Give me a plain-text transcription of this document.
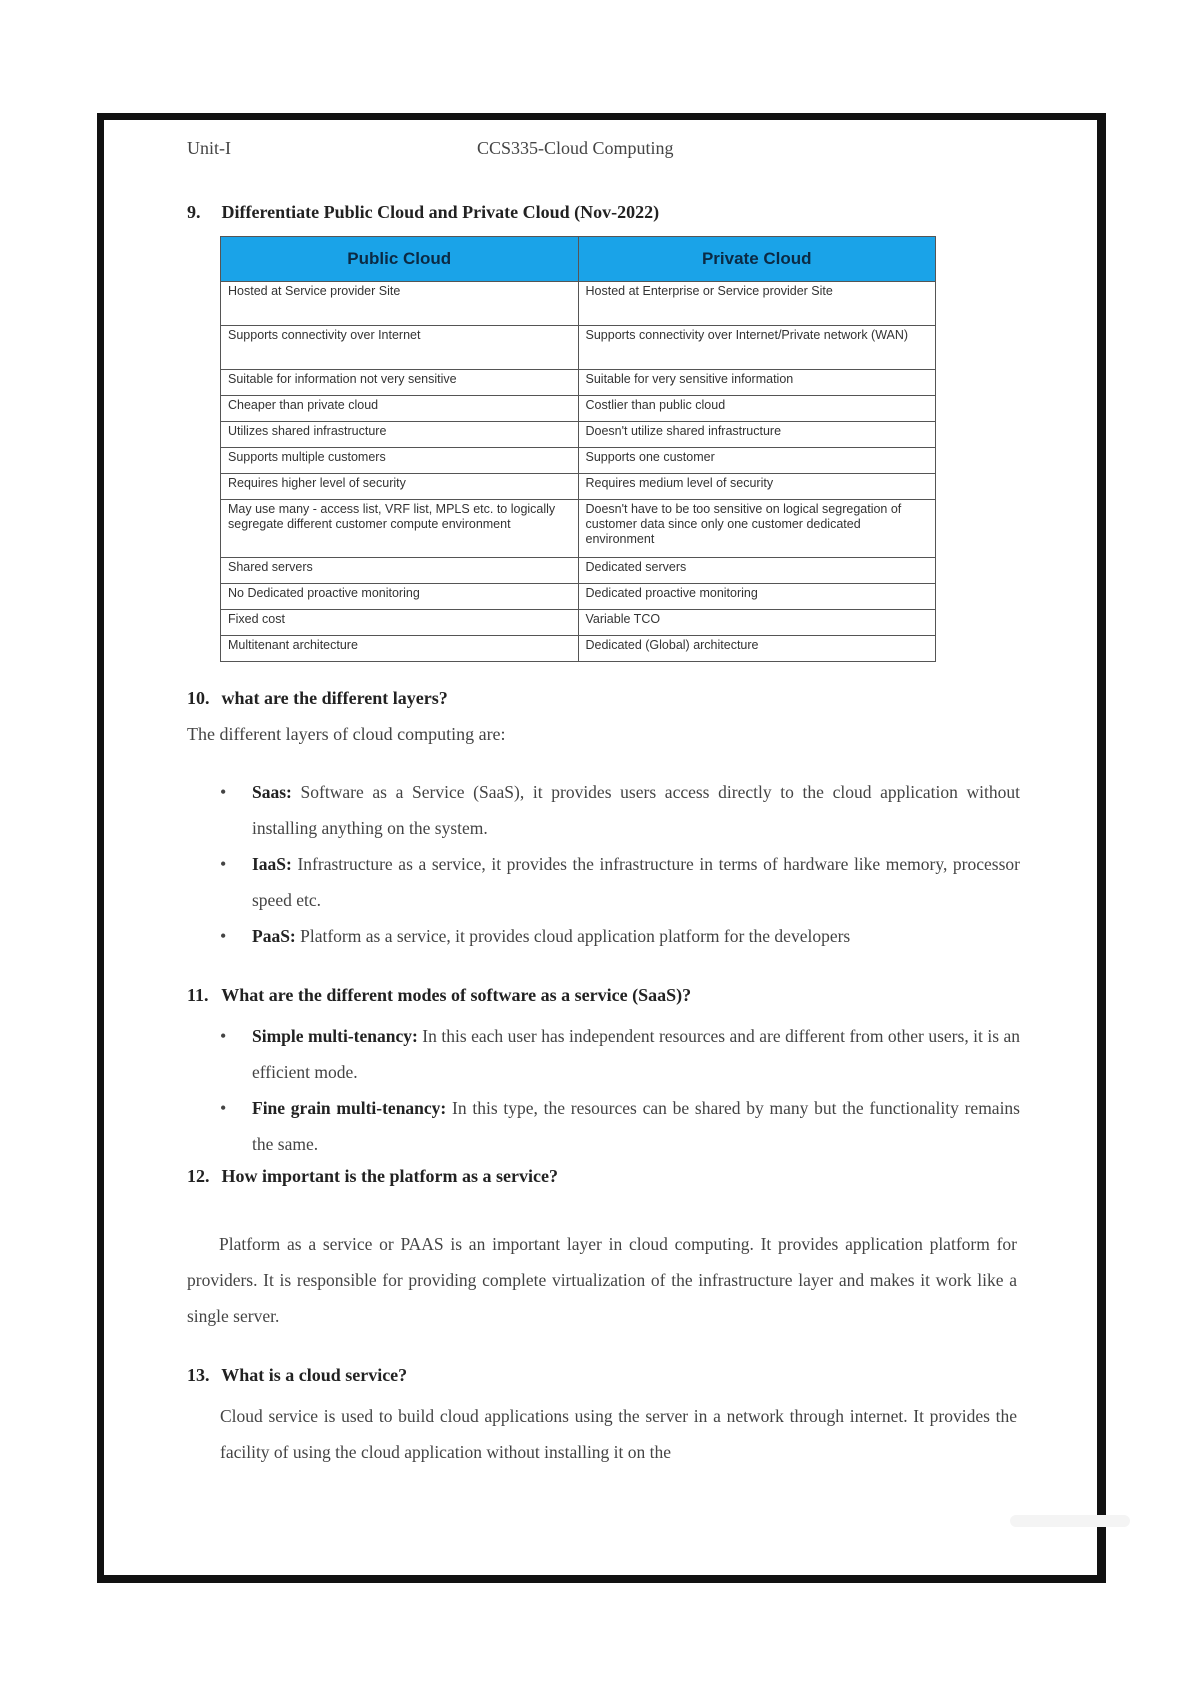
Unit-I	CCS335-Cloud Computing
9. Differentiate Public Cloud and Private Cloud (Nov-2022)
Public Cloud	Private Cloud
Hosted at Service provider Site	Hosted at Enterprise or Service provider Site
Supports connectivity over Internet	Supports connectivity over Internet/Private network (WAN)
Suitable for information not very sensitive	Suitable for very sensitive information
Cheaper than private cloud	Costlier than public cloud
Utilizes shared infrastructure	Doesn't utilize shared infrastructure
Supports multiple customers	Supports one customer
Requires higher level of security	Requires medium level of security
May use many - access list, VRF list, MPLS etc. to logically segregate different customer compute environment	Doesn't have to be too sensitive on logical segregation of customer data since only one customer dedicated environment
Shared servers	Dedicated servers
No Dedicated proactive monitoring	Dedicated proactive monitoring
Fixed cost	Variable TCO
Multitenant architecture	Dedicated (Global) architecture
10. what are the different layers?
The different layers of cloud computing are:
• Saas: Software as a Service (SaaS), it provides users access directly to the cloud application without installing anything on the system.
• IaaS: Infrastructure as a service, it provides the infrastructure in terms of hardware like memory, processor speed etc.
• PaaS: Platform as a service, it provides cloud application platform for the developers
11. What are the different modes of software as a service (SaaS)?
• Simple multi-tenancy: In this each user has independent resources and are different from other users, it is an efficient mode.
• Fine grain multi-tenancy: In this type, the resources can be shared by many but the functionality remains the same.
12. How important is the platform as a service?
Platform as a service or PAAS is an important layer in cloud computing. It provides application platform for providers. It is responsible for providing complete virtualization of the infrastructure layer and makes it work like a single server.
13. What is a cloud service?
Cloud service is used to build cloud applications using the server in a network through internet. It provides the facility of using the cloud application without installing it on the
